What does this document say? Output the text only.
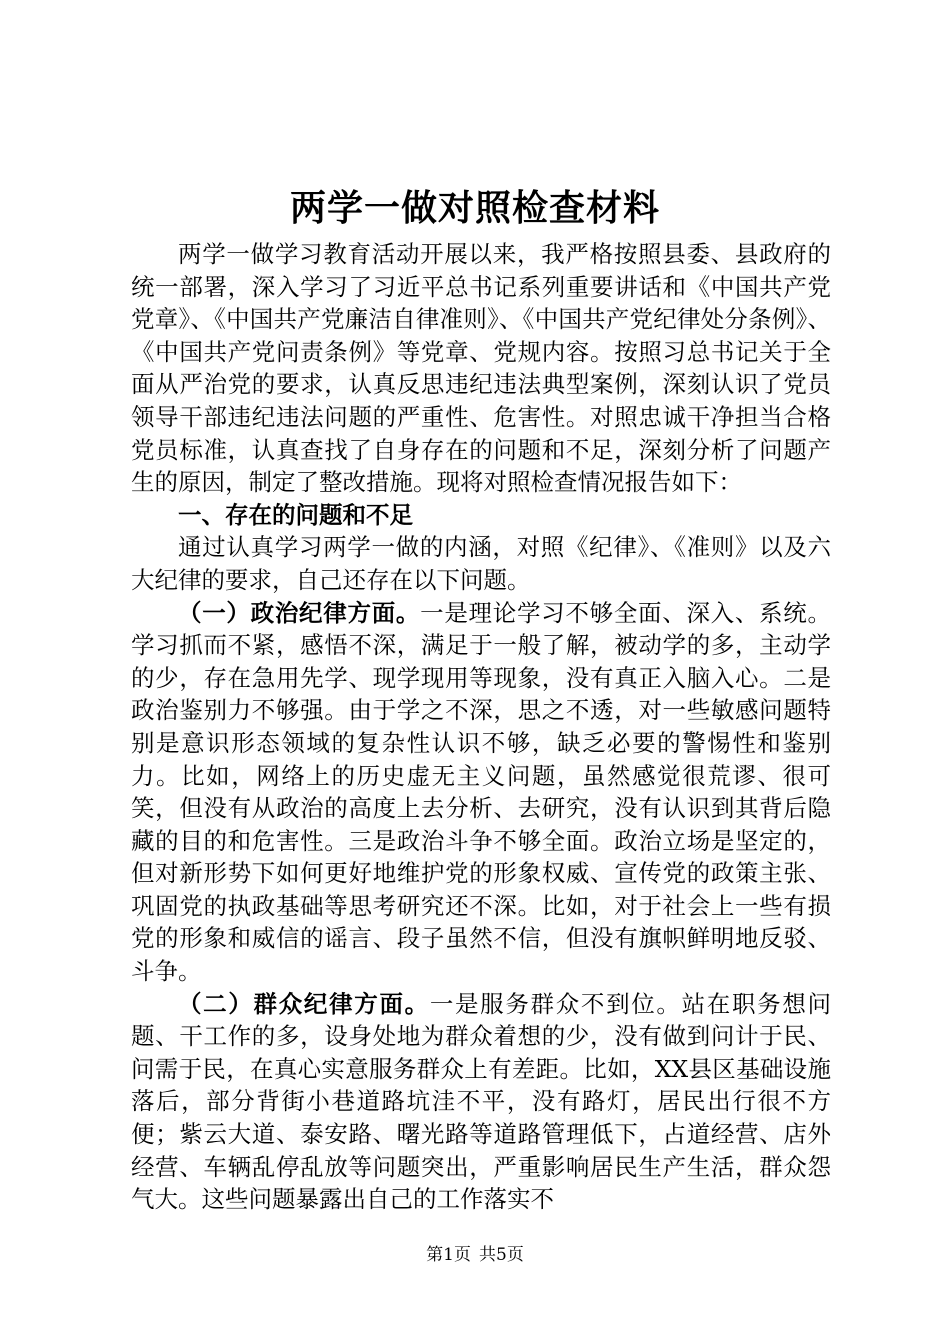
两学一做对照检查材料

两学一做学习教育活动开展以来，我严格按照县委、县政府的统一部署，深入学习了习近平总书记系列重要讲话和《中国共产党党章》、《中国共产党廉洁自律准则》、《中国共产党纪律处分条例》、《中国共产党问责条例》等党章、党规内容。按照习总书记关于全面从严治党的要求，认真反思违纪违法典型案例，深刻认识了党员领导干部违纪违法问题的严重性、危害性。对照忠诚干净担当合格党员标准，认真查找了自身存在的问题和不足，深刻分析了问题产生的原因，制定了整改措施。现将对照检查情况报告如下：

一、存在的问题和不足

通过认真学习两学一做的内涵，对照《纪律》、《准则》以及六大纪律的要求，自己还存在以下问题。

（一）政治纪律方面。一是理论学习不够全面、深入、系统。学习抓而不紧，感悟不深，满足于一般了解，被动学的多，主动学的少，存在急用先学、现学现用等现象，没有真正入脑入心。二是政治鉴别力不够强。由于学之不深，思之不透，对一些敏感问题特别是意识形态领域的复杂性认识不够，缺乏必要的警惕性和鉴别力。比如，网络上的历史虚无主义问题，虽然感觉很荒谬、很可笑，但没有从政治的高度上去分析、去研究，没有认识到其背后隐藏的目的和危害性。三是政治斗争不够全面。政治立场是坚定的，但对新形势下如何更好地维护党的形象权威、宣传党的政策主张、巩固党的执政基础等思考研究还不深。比如，对于社会上一些有损党的形象和威信的谣言、段子虽然不信，但没有旗帜鲜明地反驳、斗争。

（二）群众纪律方面。一是服务群众不到位。站在职务想问题、干工作的多，设身处地为群众着想的少，没有做到问计于民、问需于民，在真心实意服务群众上有差距。比如，XX县区基础设施落后，部分背街小巷道路坑洼不平，没有路灯，居民出行很不方便；紫云大道、泰安路、曙光路等道路管理低下，占道经营、店外经营、车辆乱停乱放等问题突出，严重影响居民生产生活，群众怨气大。这些问题暴露出自己的工作落实不

第1页 共5页
